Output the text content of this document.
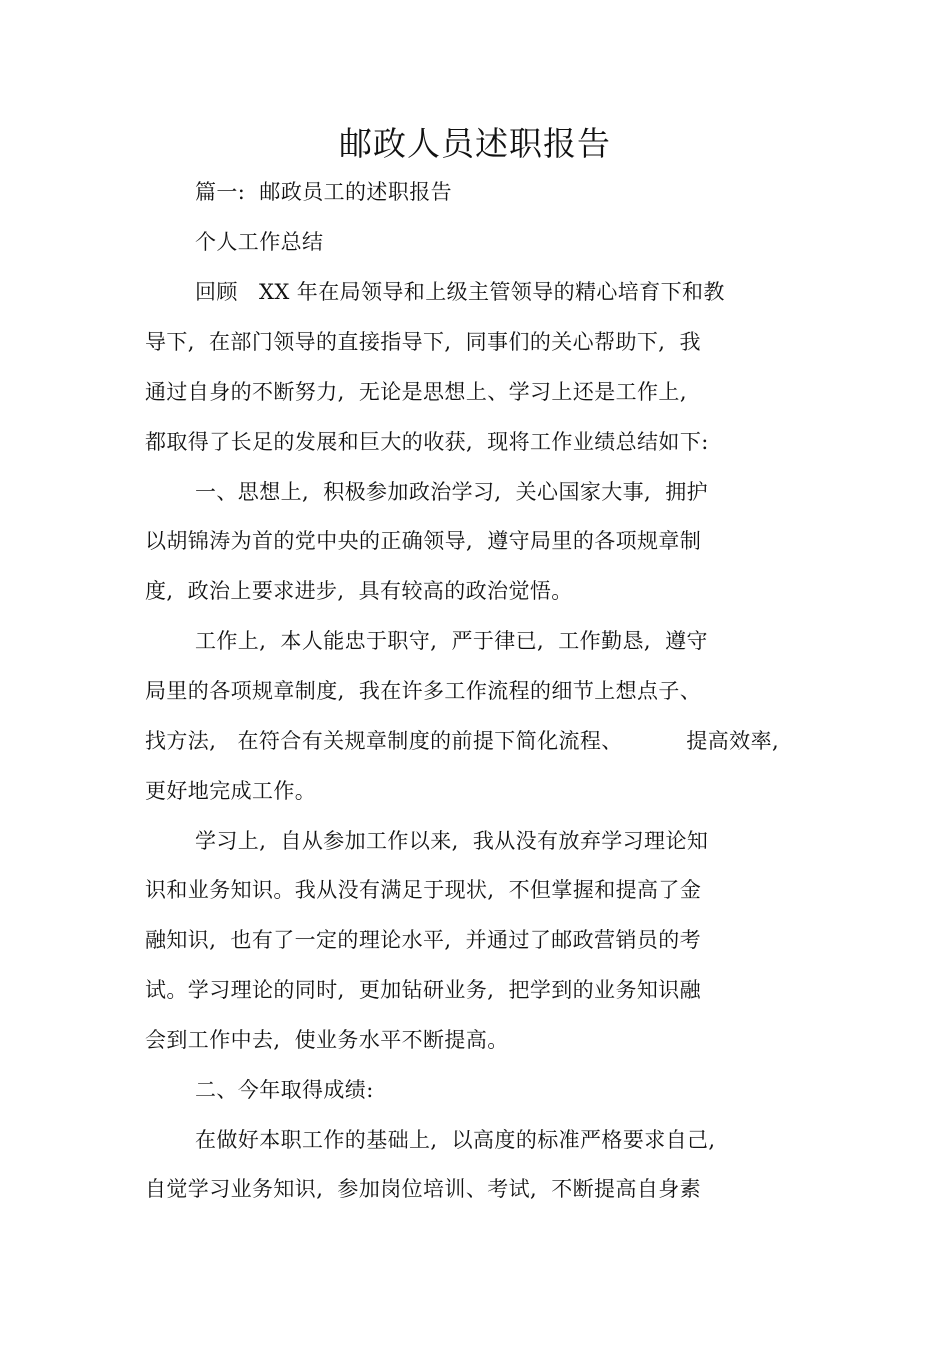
邮政人员述职报告
篇一:  邮政员工的述职报告
个人工作总结
回顾   XX 年在局领导和上级主管领导的精心培育下和教
导下,  在部门领导的直接指导下,  同事们的关心帮助下,  我
通过自身的不断努力,  无论是思想上、学习上还是工作上,
都取得了长足的发展和巨大的收获,  现将工作业绩总结如下:
一、思想上,  积极参加政治学习,  关心国家大事,  拥护
以胡锦涛为首的党中央的正确领导,  遵守局里的各项规章制
度,  政治上要求进步,  具有较高的政治觉悟。
工作上,  本人能忠于职守,  严于律已,  工作勤恳,  遵守
局里的各项规章制度,  我在许多工作流程的细节上想点子、
找方法,   在符合有关规章制度的前提下简化流程、         提高效率,
更好地完成工作。
学习上,  自从参加工作以来,  我从没有放弃学习理论知
识和业务知识。我从没有满足于现状,  不但掌握和提高了金
融知识,  也有了一定的理论水平,  并通过了邮政营销员的考
试。学习理论的同时,  更加钻研业务,  把学到的业务知识融
会到工作中去,  使业务水平不断提高。
二、今年取得成绩:
在做好本职工作的基础上,  以高度的标准严格要求自己,
自觉学习业务知识,  参加岗位培训、考试,  不断提高自身素
